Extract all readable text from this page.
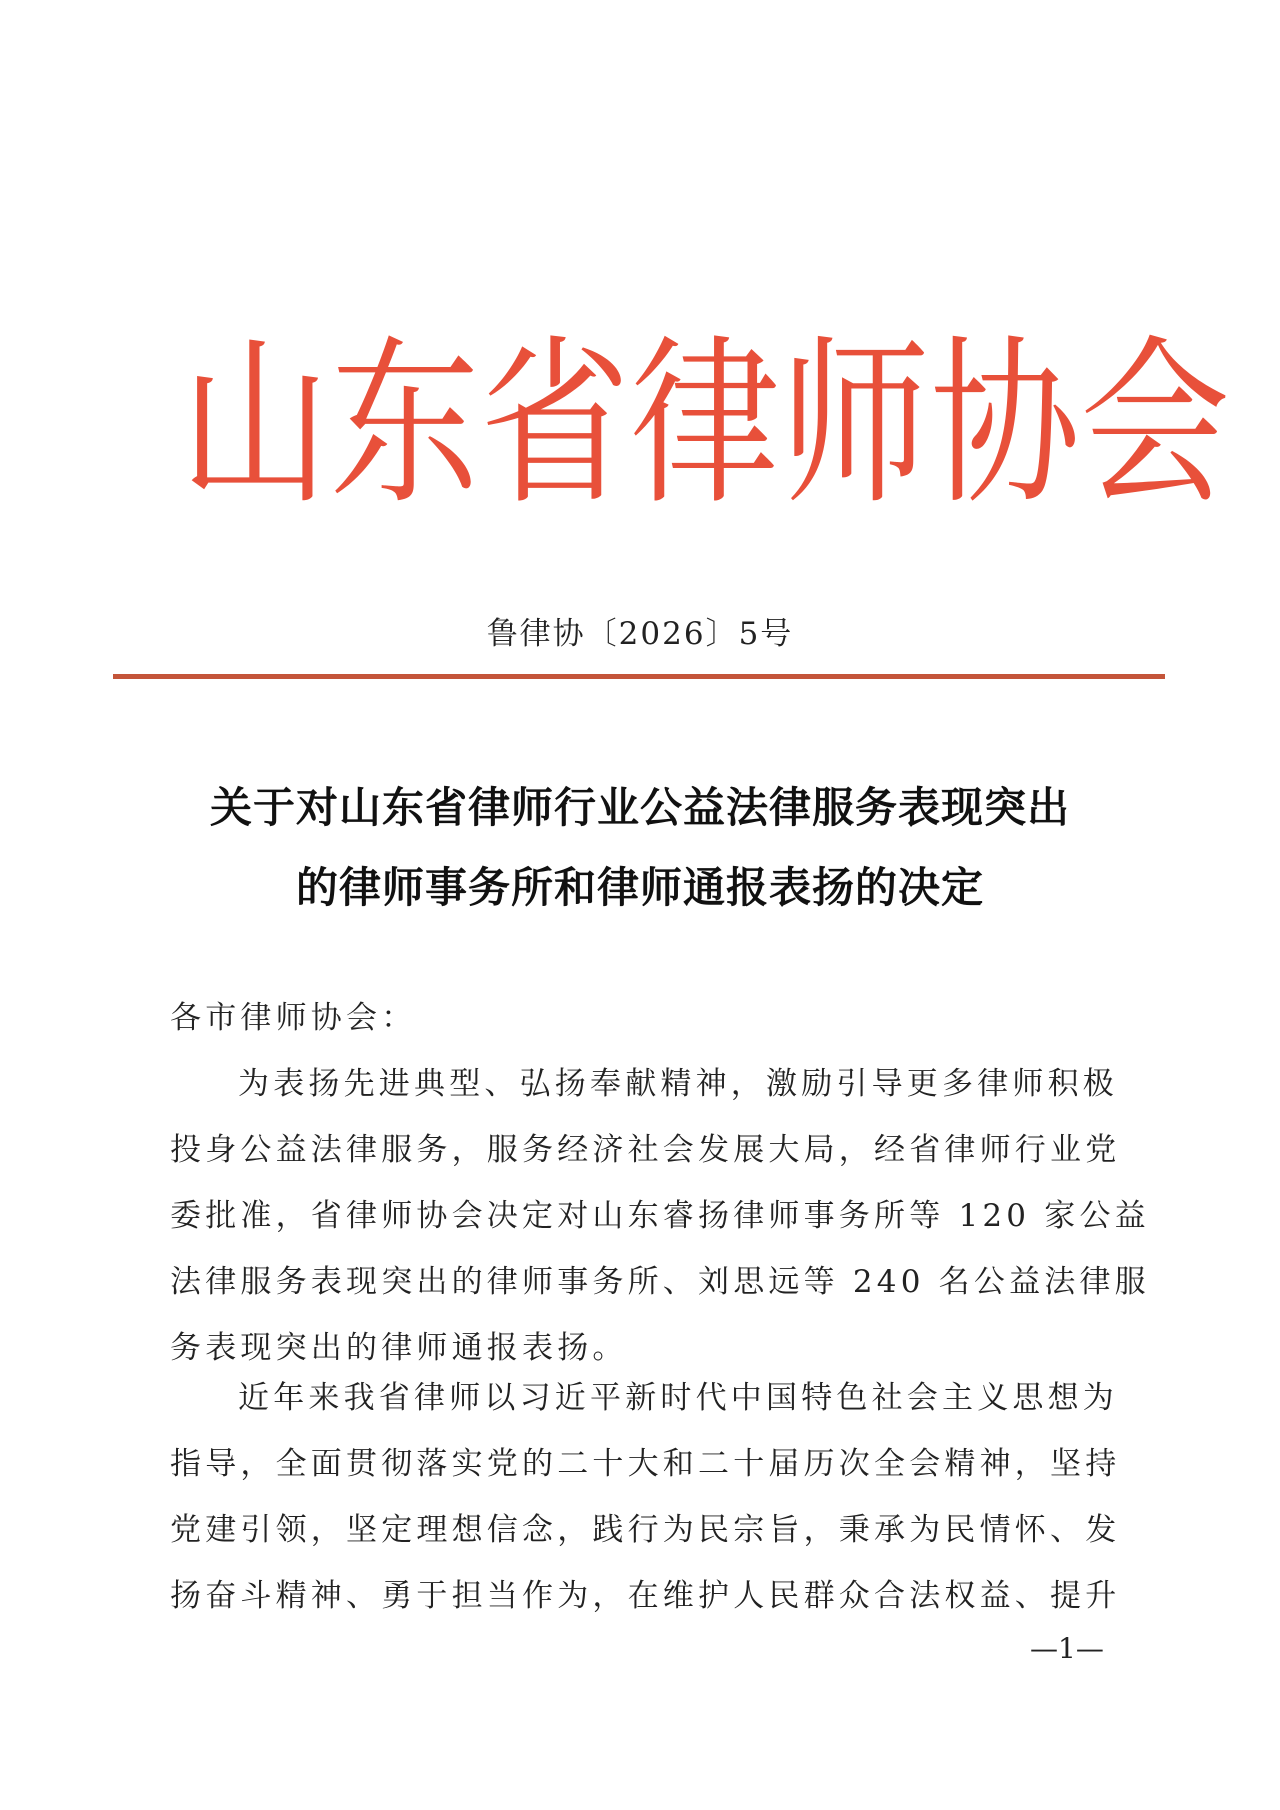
山 东 省 律 师 协 会
鲁律协〔2026〕5号
关于对山东省律师行业公益法律服务表现突出
的律师事务所和律师通报表扬的决定
各市律师协会：
为表扬先进典型、弘扬奉献精神，激励引导更多律师积极
投身公益法律服务，服务经济社会发展大局，经省律师行业党
委批准，省律师协会决定对山东睿扬律师事务所等 120 家公益
法律服务表现突出的律师事务所、刘思远等 240 名公益法律服
务表现突出的律师通报表扬。
近年来我省律师以习近平新时代中国特色社会主义思想为
指导，全面贯彻落实党的二十大和二十届历次全会精神，坚持
党建引领，坚定理想信念，践行为民宗旨，秉承为民情怀、发
扬奋斗精神、勇于担当作为，在维护人民群众合法权益、提升
—1—
